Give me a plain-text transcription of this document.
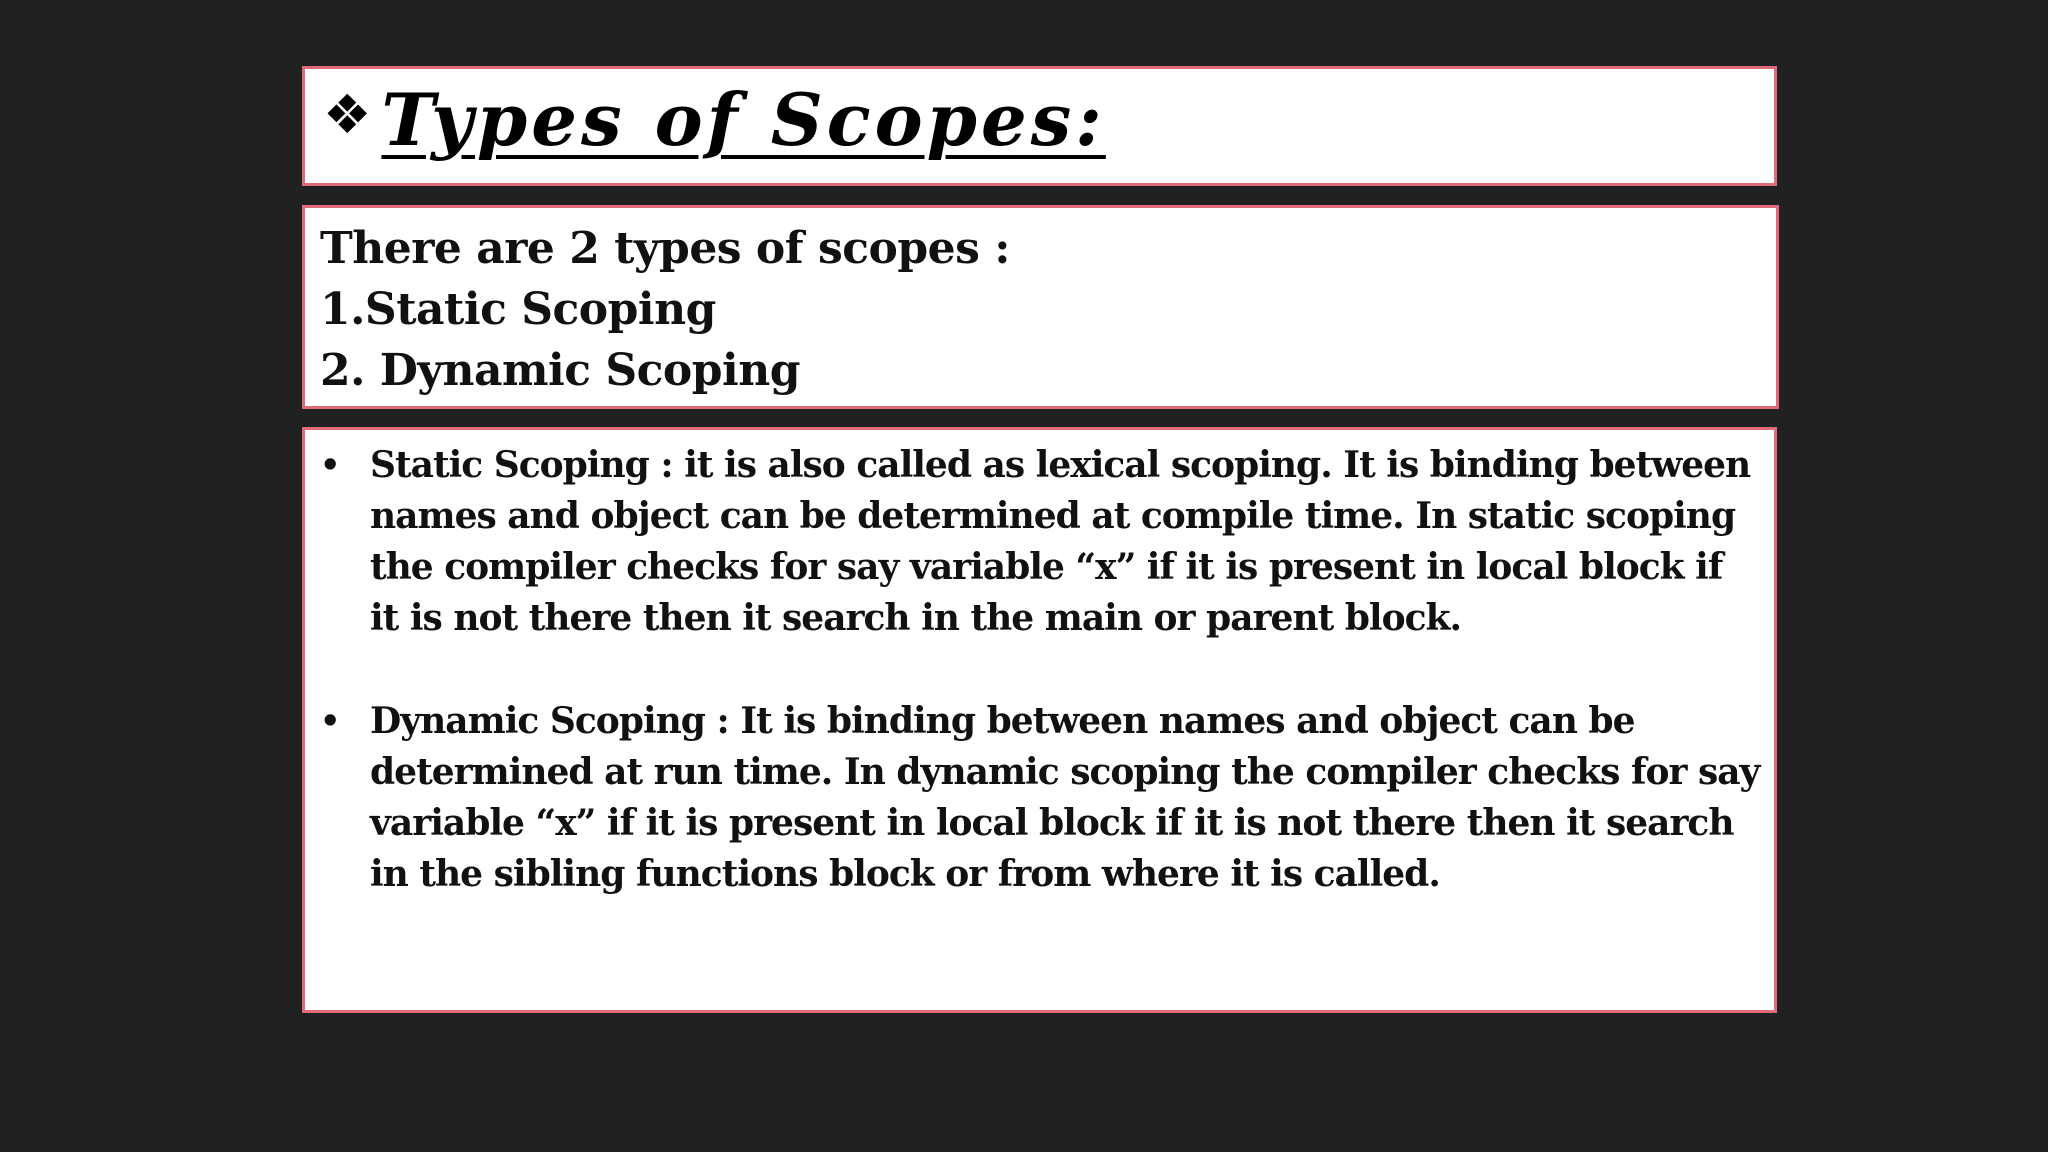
❖ Types of Scopes:
There are 2 types of scopes :
1.Static Scoping
2. Dynamic Scoping
• Static Scoping : it is also called as lexical scoping. It is binding between names and object can be determined at compile time. In static scoping the compiler checks for say variable “x” if it is present in local block if it is not there then it search in the main or parent block.
• Dynamic Scoping : It is binding between names and object can be determined at run time. In dynamic scoping the compiler checks for say variable “x” if it is present in local block if it is not there then it search in the sibling functions block or from where it is called.
